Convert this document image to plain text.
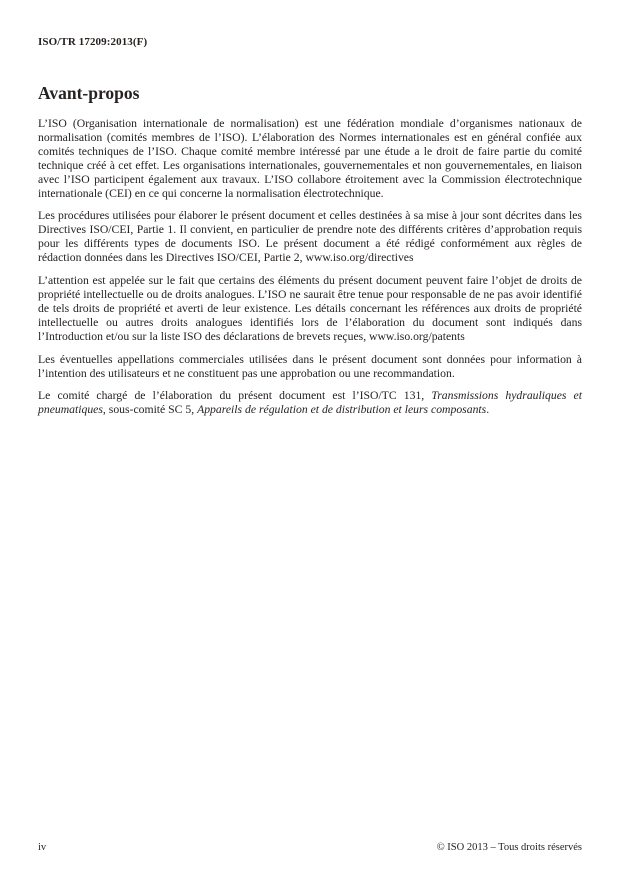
ISO/TR 17209:2013(F)
Avant-propos

L’ISO (Organisation internationale de normalisation) est une fédération mondiale d’organismes nationaux de normalisation (comités membres de l’ISO). L’élaboration des Normes internationales est en général confiée aux comités techniques de l’ISO. Chaque comité membre intéressé par une étude a le droit de faire partie du comité technique créé à cet effet. Les organisations internationales, gouvernementales et non gouvernementales, en liaison avec l’ISO participent également aux travaux. L’ISO collabore étroitement avec la Commission électrotechnique internationale (CEI) en ce qui concerne la normalisation électrotechnique.

Les procédures utilisées pour élaborer le présent document et celles destinées à sa mise à jour sont décrites dans les Directives ISO/CEI, Partie 1. Il convient, en particulier de prendre note des différents critères d’approbation requis pour les différents types de documents ISO. Le présent document a été rédigé conformément aux règles de rédaction données dans les Directives ISO/CEI, Partie 2, www.iso.org/directives

L’attention est appelée sur le fait que certains des éléments du présent document peuvent faire l’objet de droits de propriété intellectuelle ou de droits analogues. L’ISO ne saurait être tenue pour responsable de ne pas avoir identifié de tels droits de propriété et averti de leur existence. Les détails concernant les références aux droits de propriété intellectuelle ou autres droits analogues identifiés lors de l’élaboration du document sont indiqués dans l’Introduction et/ou sur la liste ISO des déclarations de brevets reçues, www.iso.org/patents

Les éventuelles appellations commerciales utilisées dans le présent document sont données pour information à l’intention des utilisateurs et ne constituent pas une approbation ou une recommandation.

Le comité chargé de l’élaboration du présent document est l’ISO/TC 131, Transmissions hydrauliques et pneumatiques, sous-comité SC 5, Appareils de régulation et de distribution et leurs composants.

iv	© ISO 2013 – Tous droits réservés
